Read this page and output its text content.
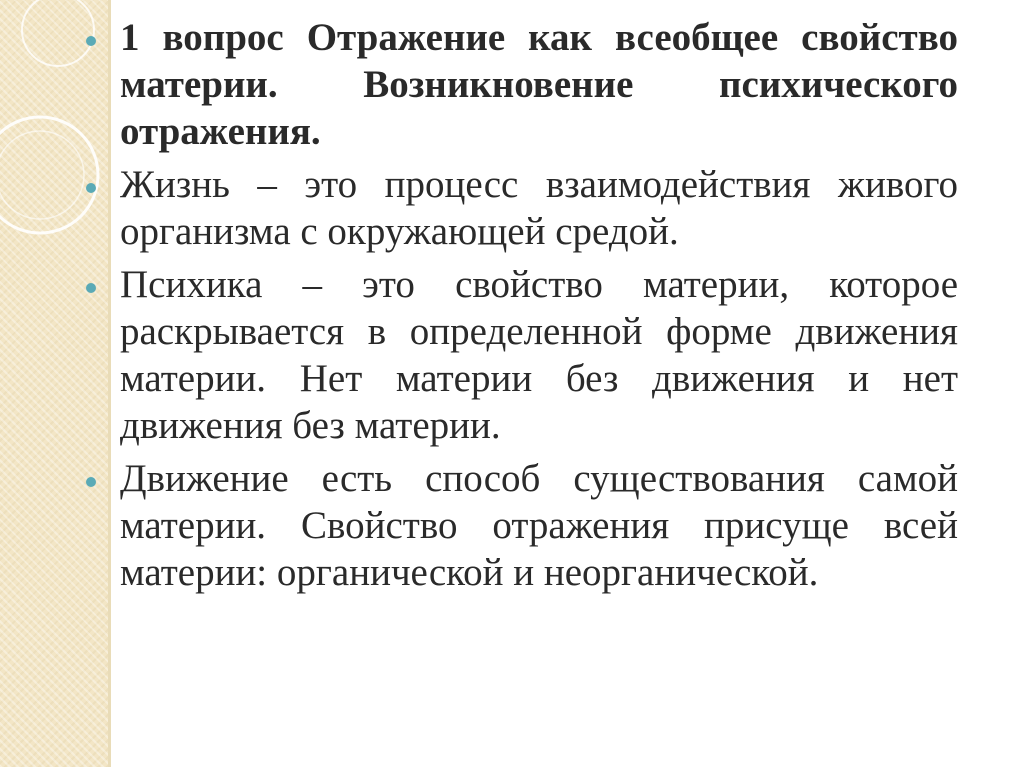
1 вопрос Отражение как всеобщее свойство материи. Возникновение психического отражения.

Жизнь – это процесс взаимодействия живого организма с окружающей средой.

Психика – это свойство материи, которое раскрывается в определенной форме движения материи. Нет материи без движения и нет движения без материи.

Движение есть способ существования самой материи. Свойство отражения присуще всей материи: органической и неорганической.
